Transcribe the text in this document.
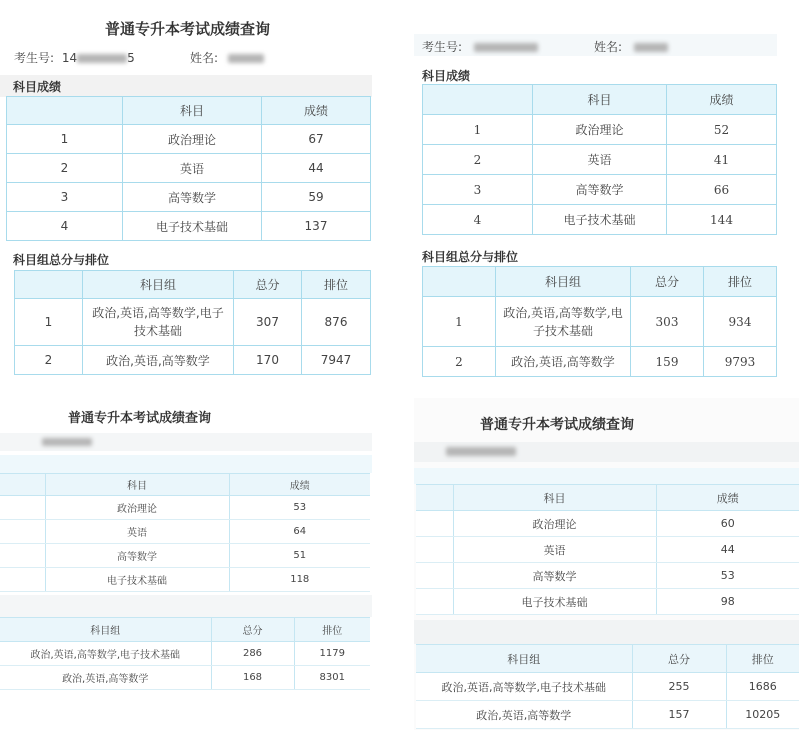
普通专升本考试成绩查询
考生号: 14	5	姓名:
科目成绩
	科目	成绩
1	政治理论	67
2	英语	44
3	高等数学	59
4	电子技术基础	137
科目组总分与排位
	科目组	总分	排位
1	政治,英语,高等数学,电子技术基础	307	876
2	政治,英语,高等数学	170	7947
考生号:	姓名:
科目成绩
	科目	成绩
1	政治理论	52
2	英语	41
3	高等数学	66
4	电子技术基础	144
科目组总分与排位
	科目组	总分	排位
1	政治,英语,高等数学,电子技术基础	303	934
2	政治,英语,高等数学	159	9793
普通专升本考试成绩查询
	科目	成绩
	政治理论	53
	英语	64
	高等数学	51
	电子技术基础	118
科目组	总分	排位
政治,英语,高等数学,电子技术基础	286	1179
政治,英语,高等数学	168	8301
普通专升本考试成绩查询
	科目	成绩
	政治理论	60
	英语	44
	高等数学	53
	电子技术基础	98
科目组	总分	排位
政治,英语,高等数学,电子技术基础	255	1686
政治,英语,高等数学	157	10205
